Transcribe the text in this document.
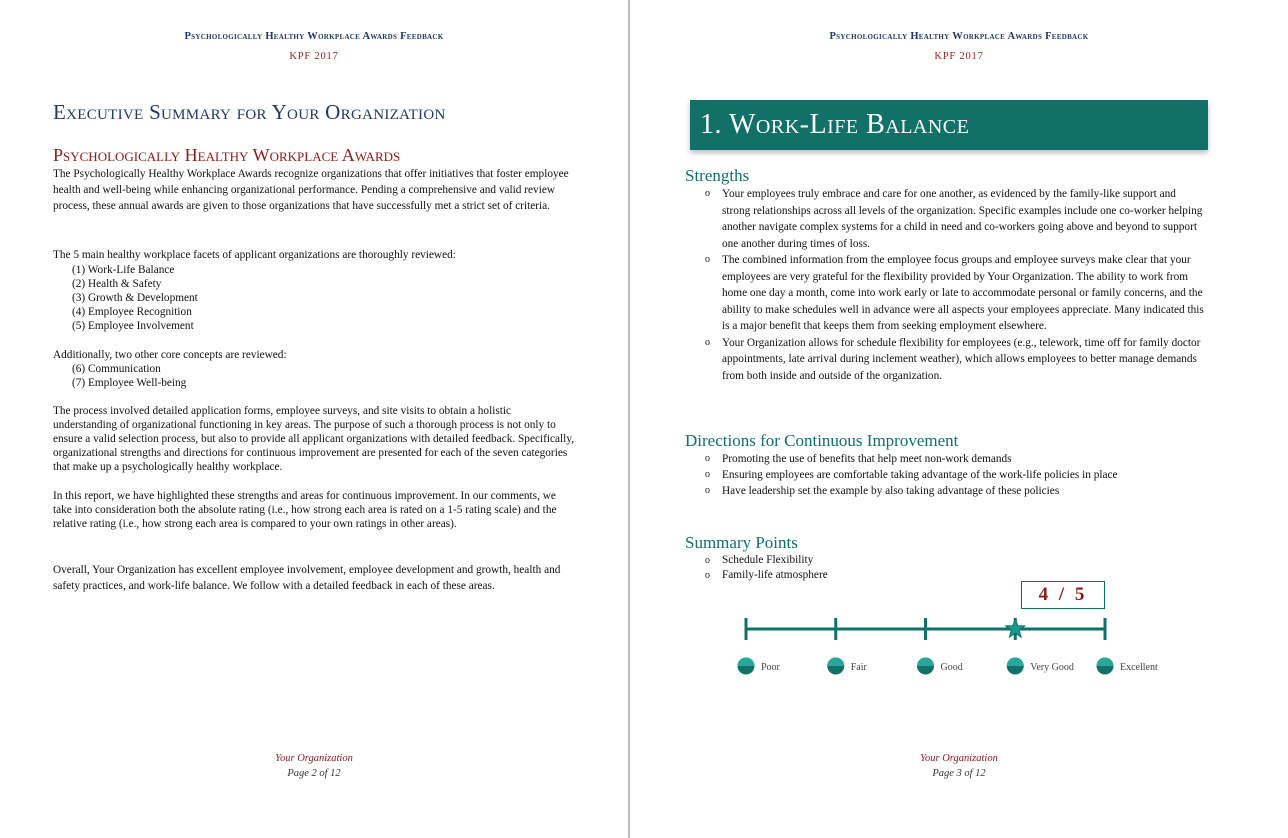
Psychologically Healthy Workplace Awards Feedback
KPF 2017
Executive Summary for Your Organization
Psychologically Healthy Workplace Awards

The Psychologically Healthy Workplace Awards recognize organizations that offer initiatives that foster employee health and well-being while enhancing organizational performance. Pending a comprehensive and valid review process, these annual awards are given to those organizations that have successfully met a strict set of criteria.

The 5 main healthy workplace facets of applicant organizations are thoroughly reviewed:

(1) Work-Life Balance
(2) Health & Safety
(3) Growth & Development
(4) Employee Recognition
(5) Employee Involvement

Additionally, two other core concepts are reviewed:

(6) Communication
(7) Employee Well-being

The process involved detailed application forms, employee surveys, and site visits to obtain a holistic understanding of organizational functioning in key areas. The purpose of such a thorough process is not only to ensure a valid selection process, but also to provide all applicant organizations with detailed feedback. Specifically, organizational strengths and directions for continuous improvement are presented for each of the seven categories that make up a psychologically healthy workplace.

In this report, we have highlighted these strengths and areas for continuous improvement. In our comments, we take into consideration both the absolute rating (i.e., how strong each area is rated on a 1-5 rating scale) and the relative rating (i.e., how strong each area is compared to your own ratings in other areas).

Overall, Your Organization has excellent employee involvement, employee development and growth, health and safety practices, and work-life balance. We follow with a detailed feedback in each of these areas.

Your Organization
Page 2 of 12
Psychologically Healthy Workplace Awards Feedback
KPF 2017
1. Work-Life Balance
Strengths
o Your employees truly embrace and care for one another, as evidenced by the family-like support and strong relationships across all levels of the organization. Specific examples include one co-worker helping another navigate complex systems for a child in need and co-workers going above and beyond to support one another during times of loss.
o The combined information from the employee focus groups and employee surveys make clear that your employees are very grateful for the flexibility provided by Your Organization. The ability to work from home one day a month, come into work early or late to accommodate personal or family concerns, and the ability to make schedules well in advance were all aspects your employees appreciate. Many indicated this is a major benefit that keeps them from seeking employment elsewhere.
o Your Organization allows for schedule flexibility for employees (e.g., telework, time off for family doctor appointments, late arrival during inclement weather), which allows employees to better manage demands from both inside and outside of the organization.
Directions for Continuous Improvement
o Promoting the use of benefits that help meet non-work demands
o Ensuring employees are comfortable taking advantage of the work-life policies in place
o Have leadership set the example by also taking advantage of these policies
Summary Points
o Schedule Flexibility
o Family-life atmosphere
4 / 5
Poor	Fair	Good	Very Good	Excellent
Your Organization
Page 3 of 12
